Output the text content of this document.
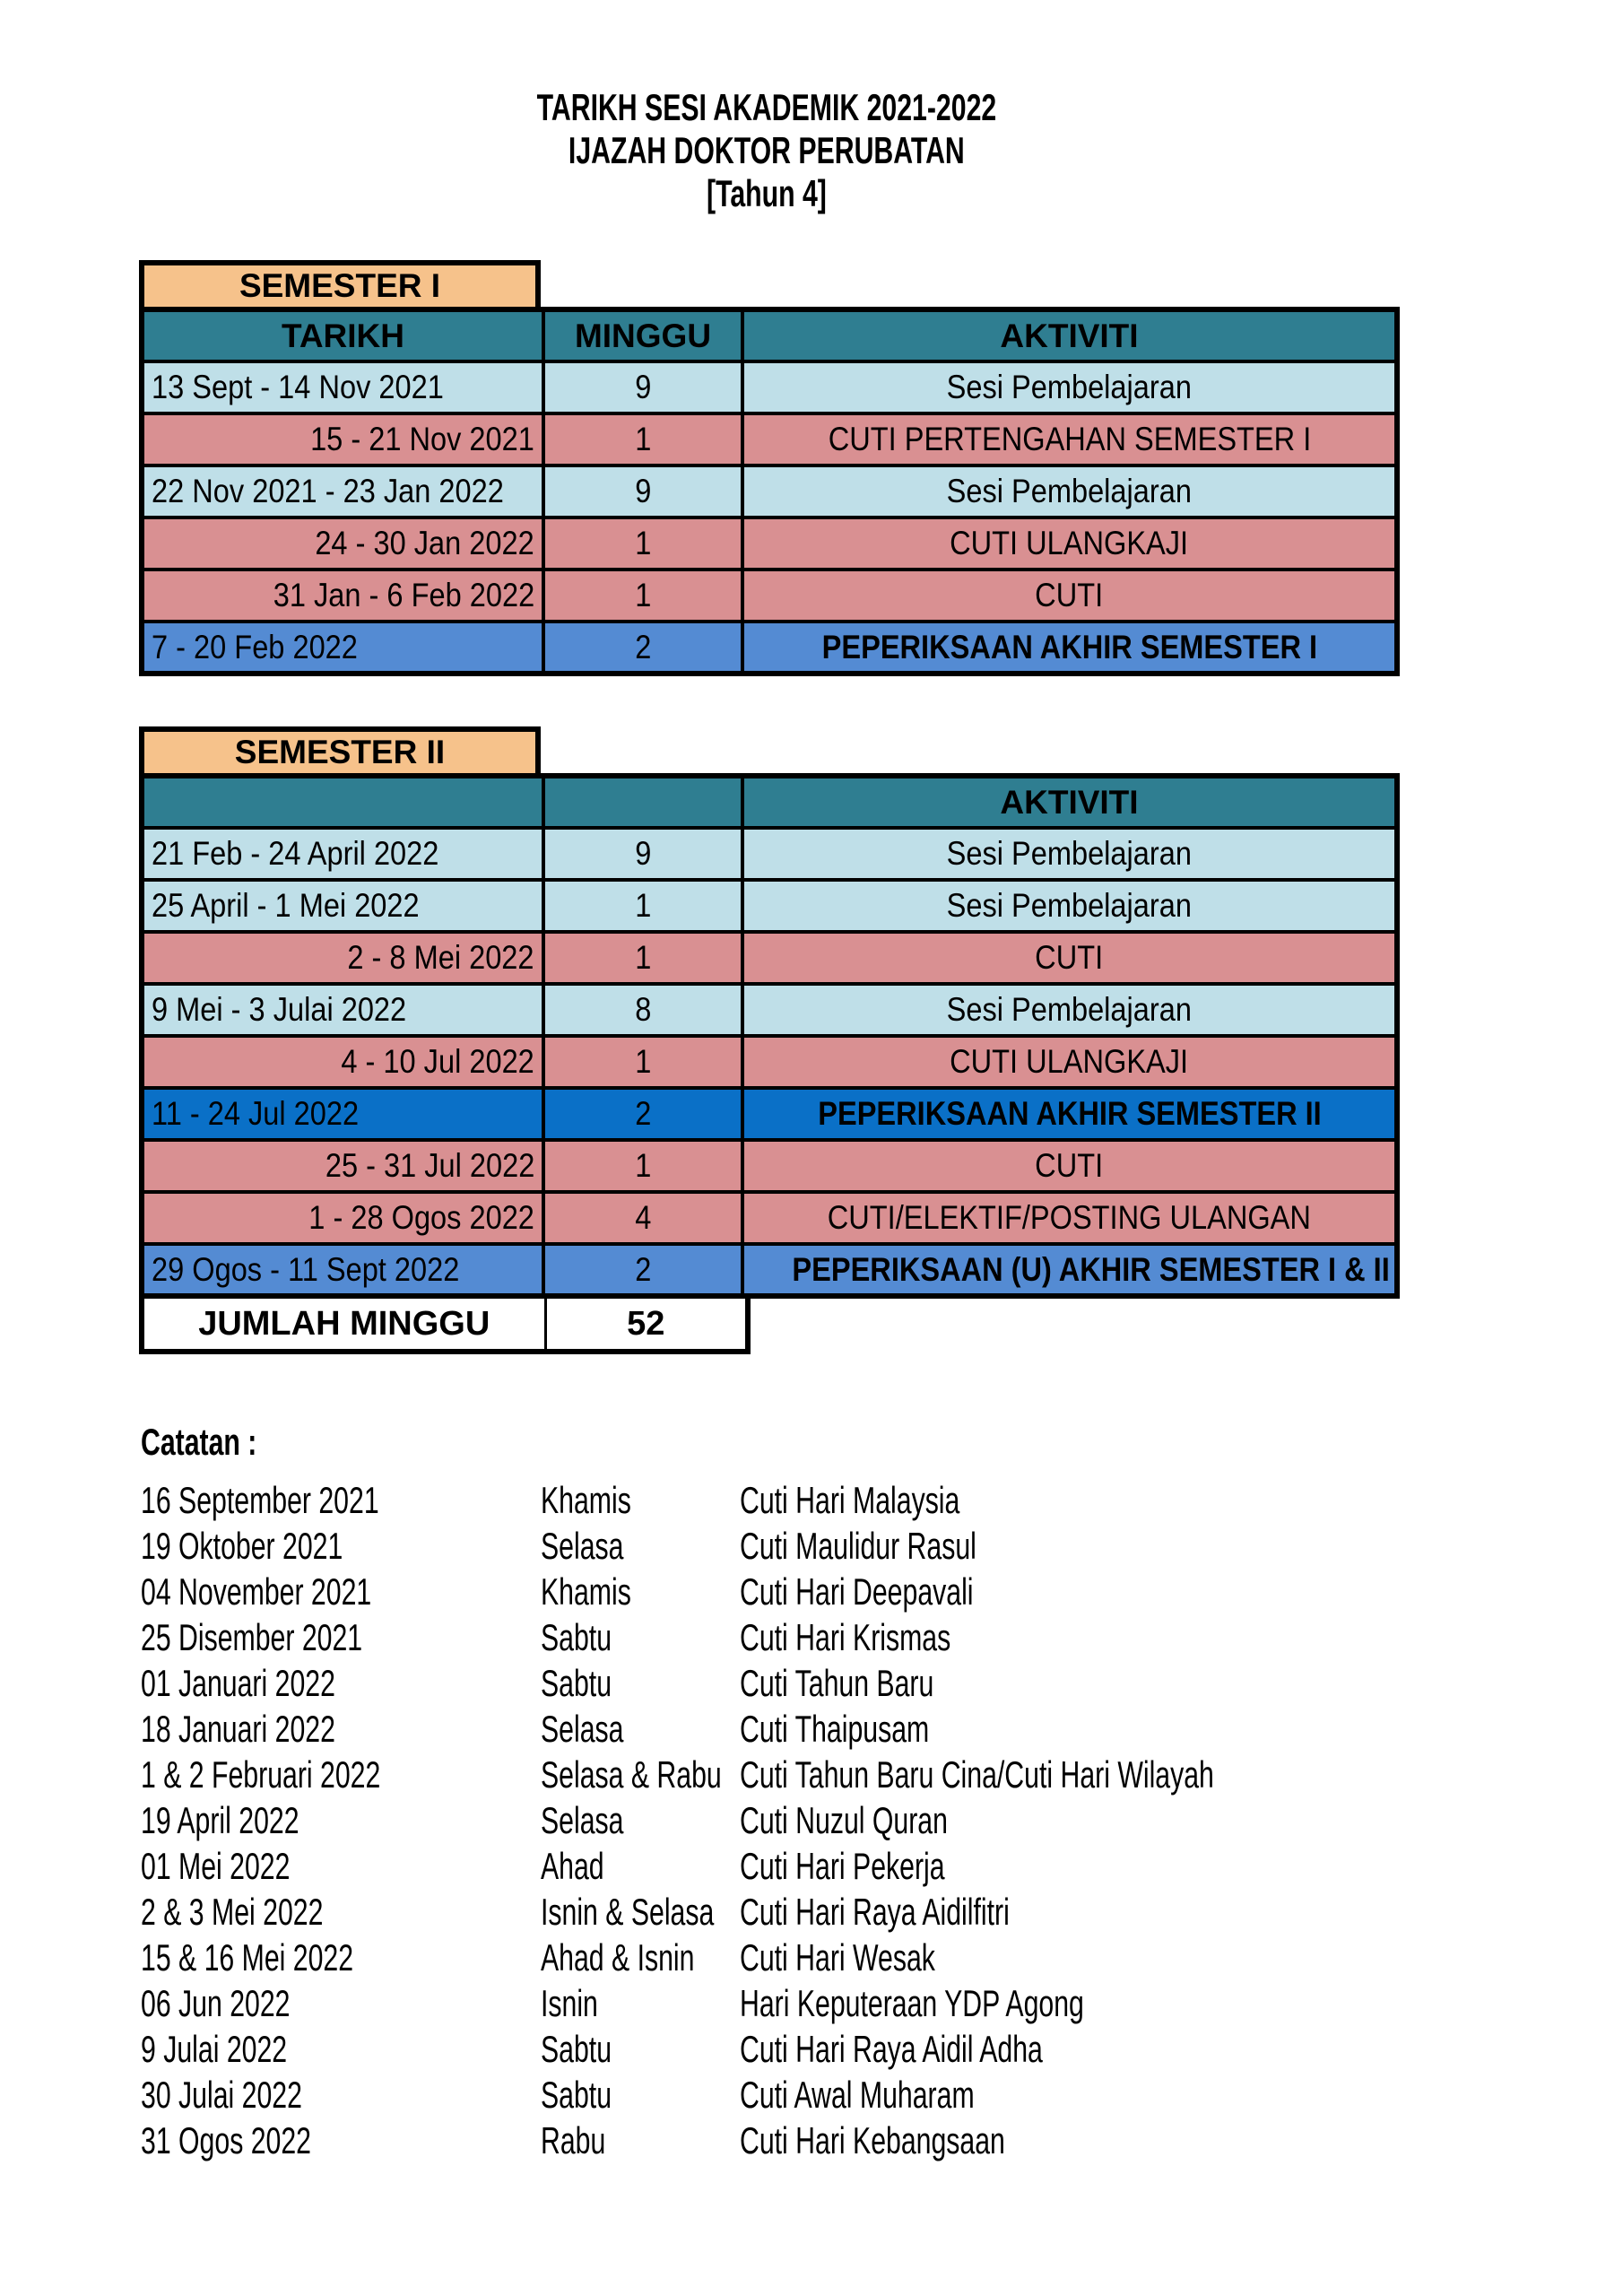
TARIKH SESI AKADEMIK 2021-2022
IJAZAH DOKTOR PERUBATAN
[Tahun 4]
SEMESTER I
TARIKH	MINGGU	AKTIVITI
13 Sept - 14 Nov 2021	9	Sesi Pembelajaran
15 - 21 Nov 2021	1	CUTI PERTENGAHAN SEMESTER I
22 Nov 2021 - 23 Jan 2022	9	Sesi Pembelajaran
24 - 30 Jan 2022	1	CUTI ULANGKAJI
31 Jan - 6 Feb 2022	1	CUTI
7 - 20 Feb 2022	2	PEPERIKSAAN AKHIR SEMESTER I
SEMESTER II
		AKTIVITI
21 Feb - 24 April 2022	9	Sesi Pembelajaran
25 April - 1 Mei 2022	1	Sesi Pembelajaran
2 - 8 Mei 2022	1	CUTI
9 Mei - 3 Julai 2022	8	Sesi Pembelajaran
4 - 10 Jul 2022	1	CUTI ULANGKAJI
11 - 24 Jul 2022	2	PEPERIKSAAN AKHIR SEMESTER II
25 - 31 Jul 2022	1	CUTI
1 - 28 Ogos 2022	4	CUTI/ELEKTIF/POSTING ULANGAN
29 Ogos - 11 Sept 2022	2	PEPERIKSAAN (U) AKHIR SEMESTER I & II
JUMLAH MINGGU	52
Catatan :
16 September 2021	Khamis	Cuti Hari Malaysia
19 Oktober 2021	Selasa	Cuti Maulidur Rasul
04 November 2021	Khamis	Cuti Hari Deepavali
25 Disember 2021	Sabtu	Cuti Hari Krismas
01 Januari 2022	Sabtu	Cuti Tahun Baru
18 Januari 2022	Selasa	Cuti Thaipusam
1 & 2 Februari 2022	Selasa & Rabu Cuti Tahun Baru Cina/Cuti Hari Wilayah
19 April 2022	Selasa	Cuti Nuzul Quran
01 Mei 2022	Ahad	Cuti Hari Pekerja
2 & 3 Mei 2022	Isnin & Selasa Cuti Hari Raya Aidilfitri
15 & 16 Mei 2022	Ahad & Isnin	Cuti Hari Wesak
06 Jun 2022	Isnin	Hari Keputeraan YDP Agong
9 Julai 2022	Sabtu	Cuti Hari Raya Aidil Adha
30 Julai 2022	Sabtu	Cuti Awal Muharam
31 Ogos 2022	Rabu	Cuti Hari Kebangsaan
